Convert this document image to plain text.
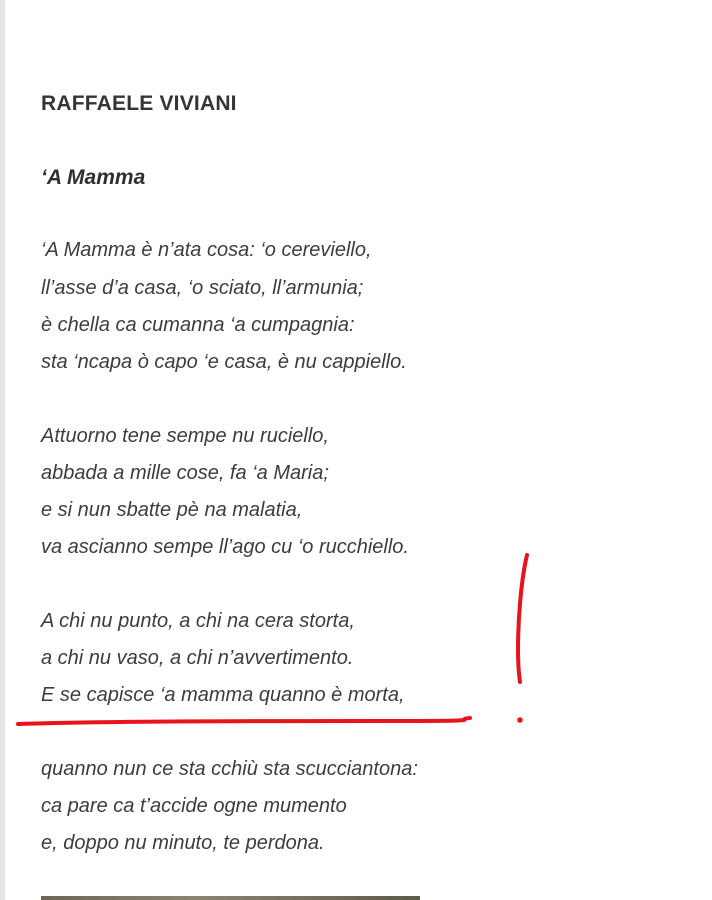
RAFFAELE VIVIANI
‘A Mamma

‘A Mamma è n’ata cosa: ‘o cereviello,

ll’asse d’a casa, ‘o sciato, ll’armunia;

è chella ca cumanna ‘a cumpagnia:

sta ‘ncapa ò capo ‘e casa, è nu cappiello.

Attuorno tene sempe nu ruciello,

abbada a mille cose, fa ‘a Maria;

e si nun sbatte pè na malatia,

va ascianno sempe ll’ago cu ‘o rucchiello.

A chi nu punto, a chi na cera storta,

a chi nu vaso, a chi n’avvertimento.

E se capisce ‘a mamma quanno è morta,

quanno nun ce sta cchiù sta scucciantona:

ca pare ca t’accide ogne mumento

e, doppo nu minuto, te perdona.
